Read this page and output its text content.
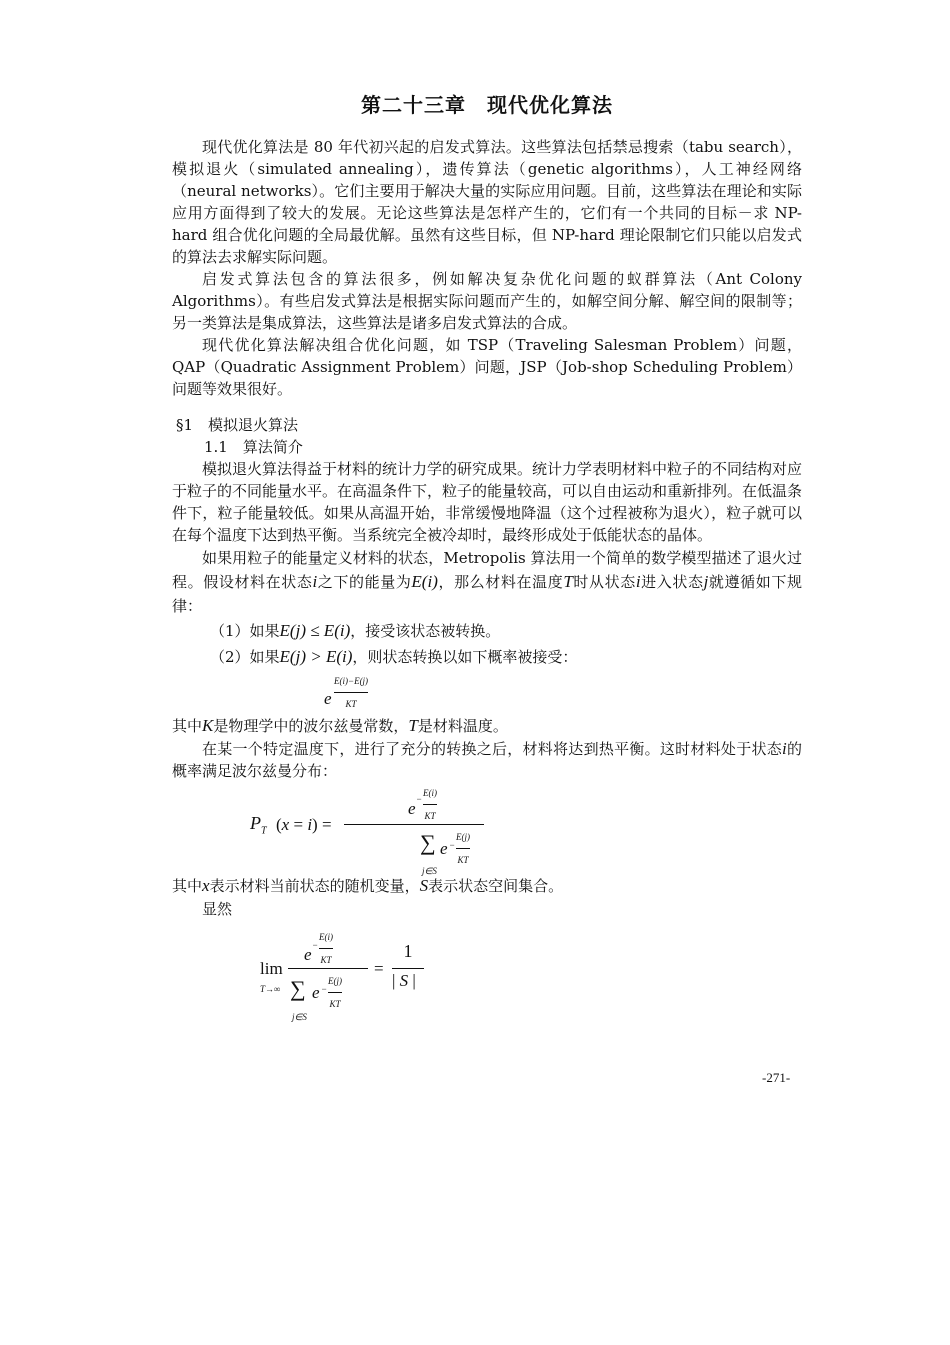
第二十三章　现代优化算法

现代优化算法是 80 年代初兴起的启发式算法。这些算法包括禁忌搜索（tabu search），模拟退火（simulated annealing），遗传算法（genetic algorithms），人工神经网络（neural networks）。它们主要用于解决大量的实际应用问题。目前，这些算法在理论和实际应用方面得到了较大的发展。无论这些算法是怎样产生的，它们有一个共同的目标－求 NP-hard 组合优化问题的全局最优解。虽然有这些目标，但 NP-hard 理论限制它们只能以启发式的算法去求解实际问题。

启发式算法包含的算法很多，例如解决复杂优化问题的蚁群算法（Ant Colony Algorithms）。有些启发式算法是根据实际问题而产生的，如解空间分解、解空间的限制等；另一类算法是集成算法，这些算法是诸多启发式算法的合成。

现代优化算法解决组合优化问题，如 TSP（Traveling Salesman Problem）问题，QAP（Quadratic Assignment Problem）问题，JSP（Job-shop Scheduling Problem）问题等效果很好。

§1　模拟退火算法

1.1　算法简介

模拟退火算法得益于材料的统计力学的研究成果。统计力学表明材料中粒子的不同结构对应于粒子的不同能量水平。在高温条件下，粒子的能量较高，可以自由运动和重新排列。在低温条件下，粒子能量较低。如果从高温开始，非常缓慢地降温（这个过程被称为退火），粒子就可以在每个温度下达到热平衡。当系统完全被冷却时，最终形成处于低能状态的晶体。

如果用粒子的能量定义材料的状态，Metropolis 算法用一个简单的数学模型描述了退火过程。假设材料在状态i之下的能量为E(i)，那么材料在温度T时从状态i进入状态j就遵循如下规律：

（1）如果E(j) ≤ E(i)，接受该状态被转换。

（2）如果E(j) > E(i)，则状态转换以如下概率被接受：

e
E(i)−E(j)
KT

其中K是物理学中的波尔兹曼常数，T是材料温度。

在某一个特定温度下，进行了充分的转换之后，材料将达到热平衡。这时材料处于状态i的概率满足波尔兹曼分布：

$P_T$ (x = i) =
e −
E(i)
KT
∑
j∈S
e −
E(j)
KT

其中x表示材料当前状态的随机变量，S表示状态空间集合。

显然

lim
T→∞
e −
E(i)
KT
∑
j∈S
e −
E(j)
KT
=
1
| S |
-271-
